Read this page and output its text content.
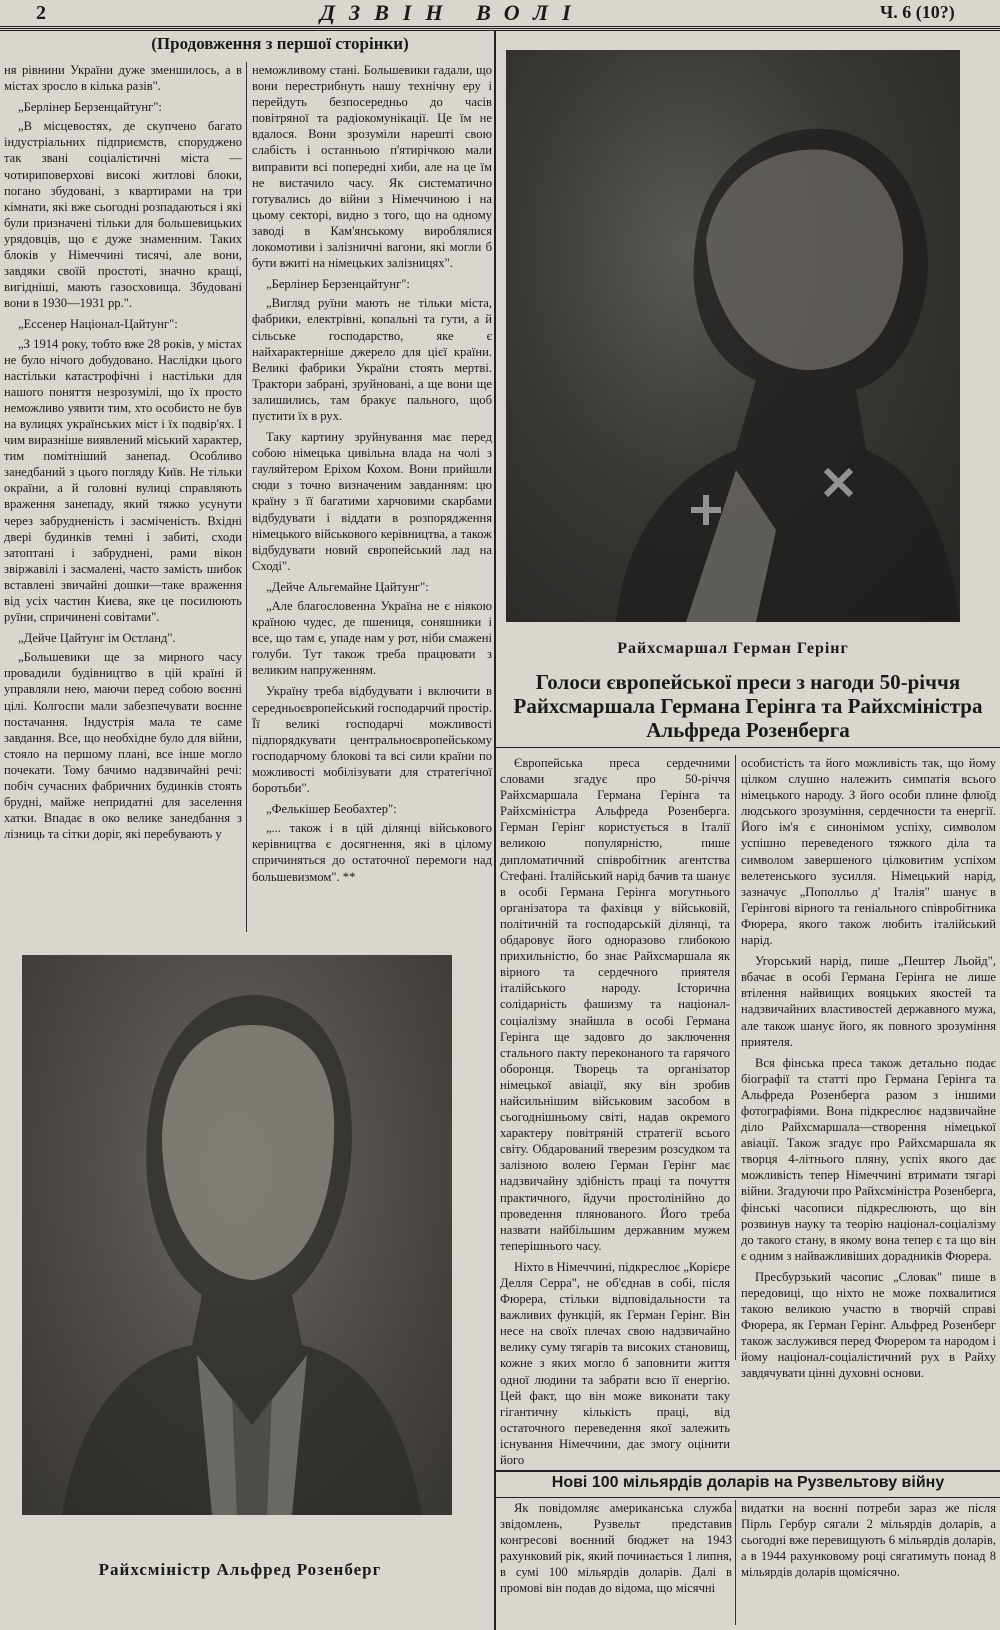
2	ДЗВІН ВОЛІ	Ч. 6 (10?)
(Продовження з першої сторінки)

ня рівнини України дуже зменшилось, а в містах зросло в кілька разів".

„Берлінер Берзенцайтунг":

„В місцевостях, де скупчено багато індустріальних підприємств, споруджено так звані соціалістичні міста — чотириповерхові високі житлові блоки, погано збудовані, з квартирами на три кімнати, які вже сьогодні розпадаються і які були призначені тільки для большевицьких урядовців, що є дуже знаменним. Таких блоків у Німеччині тисячі, але вони, завдяки своїй простоті, значно кращі, вигідніші, мають газосховища. Збудовані вони в 1930—1931 рр.".

„Ессенер Націонал-Цайтунг":

„З 1914 року, тобто вже 28 років, у містах не було нічого добудовано. Наслідки цього настільки катастрофічні і настільки для нашого поняття незрозумілі, що їх просто неможливо уявити тим, хто особисто не був на вулицях українських міст і їх подвір'ях. І чим виразніше виявлений міський характер, тим помітніший занепад. Особливо занедбаний з цього погляду Київ. Не тільки окраїни, а й головні вулиці справляють враження занепаду, який тяжко усунути через забрудненість і засміченість. Вхідні двері будинків темні і забиті, сходи затоптані і забруднені, рами вікон звіржавілі і засмалені, часто замість шибок вставлені звичайні дошки—таке враження від усіх частин Києва, яке це посилюють руїни, спричинені совітами".

„Дейче Цайтунг ім Остланд".

„Большевики ще за мирного часу провадили будівництво в цій країні й управляли нею, маючи перед собою воєнні цілі. Колгоспи мали забезпечувати воєнне постачання. Індустрія мала те саме завдання. Все, що необхідне було для війни, стояло на першому плані, все інше могло почекати. Тому бачимо надзвичайні речі: побіч сучасних фабричних будинків стоять брудні, майже непридатні для заселення хатки. Впадає в око велике занедбання з лізниць та сітки доріг, які перебувають у

неможливому стані. Большевики гадали, що вони перестрибнуть нашу технічну еру і перейдуть безпосередньо до часів повітряної та радіокомунікації. Це їм не вдалося. Вони зрозуміли нарешті свою слабість і останньою п'ятирічкою мали виправити всі попередні хиби, але на це їм не вистачило часу. Як систематично готувались до війни з Німеччиною і на цьому секторі, видно з того, що на одному заводі в Кам'янському вироблялися локомотиви і залізничні вагони, які могли б бути вжиті на німецьких залізницях".

„Берлінер Берзенцайтунг":

„Вигляд руїни мають не тільки міста, фабрики, електрівні, копальні та гути, а й сільське господарство, яке є найхарактерніше джерело для цієї країни. Великі фабрики України стоять мертві. Трактори забрані, зруйновані, а ще вони ще залишились, там бракує пального, щоб пустити їх в рух.

Таку картину зруйнування має перед собою німецька цивільна влада на чолі з гауляйтером Еріхом Кохом. Вони прийшли сюди з точно визначеним завданням: цю країну з її багатими харчовими скарбами відбудувати і віддати в розпорядження німецького військового керівництва, а також відбудувати новий європейський лад на Сході".

„Дейче Альгемайне Цайтунг":

„Але благословенна Україна не є ніякою країною чудес, де пшениця, соняшники і все, що там є, упаде нам у рот, ніби смажені голуби. Тут також треба працювати з великим напруженням.

Україну треба відбудувати і включити в середньоєвропейський господарчий простір. Її великі господарчі можливості підпорядкувати центральноєвропейському господарчому блокові та всі сили країни по можливості мобілізувати для стратегічної боротьби".

„Фелькішер Беобахтер":

„... також і в цій ділянці військового керівництва є досягнення, які в цілому спричиняться до остаточної перемоги над большевизмом". **

Райхсмаршал Герман Герінг
Голоси європейської преси з нагоди 50-річчя Райхсмаршала Германа Герінга та Райхсміністра Альфреда Розенберга

Європейська преса сердечними словами згадує про 50-річчя Райхсмаршала Германа Герінга та Райхсміністра Альфреда Розенберга. Герман Герінг користується в Італії великою популярністю, пише дипломатичний співробітник агентства Стефані. Італійський нарід бачив та шанує в особі Германа Герінга могутнього організатора та фахівця у військовій, політичній та господарській ділянці, та обдаровує його одноразово глибокою прихильністю, бо знає Райхсмаршала як вірного та сердечного приятеля італійського народу. Історична солідарність фашизму та націонал-соціалізму знайшла в особі Германа Герінга ще задовго до заключення стального пакту переконаного та гарячого оборонця. Творець та організатор німецької авіації, яку він зробив найсильнішим військовим засобом в сьогоднішньому світі, надав окремого характеру повітряній стратегії всього світу. Обдарований тверезим розсудком та залізною волею Герман Герінг має надзвичайну здібність праці та почуття практичного, йдучи простолінійно до проведення плянованого. Його треба назвати найбільшим державним мужем теперішнього часу.

Ніхто в Німеччині, підкреслює „Корієре Делля Серра", не об'єднав в собі, після Фюрера, стільки відповідальности та важливих функцій, як Герман Герінг. Він несе на своїх плечах свою надзвичайно велику суму тягарів та високих становищ, кожне з яких могло б заповнити життя одної людини та забрати всю її енергію. Цей факт, що він може виконати таку гігантичну кількість праці, від остаточного переведення якої залежить існування Німеччини, дає змогу оцінити його

особистість та його можливість так, що йому цілком слушно належить симпатія всього німецького народу. З його особи плине флюїд людського зрозуміння, сердечности та енергії. Його ім'я є синонімом успіху, символом успішно переведеного тяжкого діла та символом завершеного цілковитим успіхом велетенського зусилля. Німецький нарід, зазначує „Пополльо д' Італія" шанує в Герінгові вірного та геніального співробітника Фюрера, якого також любить італійський нарід.

Угорський нарід, пише „Пештер Льойд", вбачає в особі Германа Герінга не лише втілення найвищих вояцьких якостей та надзвичайних властивостей державного мужа, але також шанує його, як повного зрозуміння приятеля.

Вся фінська преса також детально подає біографії та статті про Германа Герінга та Альфреда Розенберга разом з іншими фотографіями. Вона підкреслює надзвичайне діло Райхсмаршала—створення німецької авіації. Також згадує про Райхсмаршала як творця 4-літнього пляну, успіх якого дає можливість тепер Німеччині втримати тягарі війни. Згадуючи про Райхсміністра Розенберга, фінські часописи підкреслюють, що він розвинув науку та теорію націонал-соціалізму до такого стану, в якому вона тепер є та що він є одним з найважливіших дорадників Фюрера.

Пресбурзький часопис „Словак" пише в передовиці, що ніхто не може похвалитися такою великою участю в творчій справі Фюрера, як Герман Герінг. Альфред Розенберг також заслужився перед Фюрером та народом і йому націонал-соціалістичний рух в Райху завдячувати цінні духовні основи.

Райхсміністр Альфред Розенберг
Нові 100 мільярдів доларів на Рузвельтову війну

Як повідомляє американська служба звідомлень, Рузвельт представив конгресові воєнний бюджет на 1943 рахунковий рік, який починається 1 липня, в сумі 100 мільярдів доларів. Далі в промові він подав до відома, що місячні

видатки на воєнні потреби зараз же після Пірль Гербур сягали 2 мільярдів доларів, а сьогодні вже перевищують 6 мільярдів доларів, а в 1944 рахунковому році сягатимуть понад 8 мільярдів доларів щомісячно.
